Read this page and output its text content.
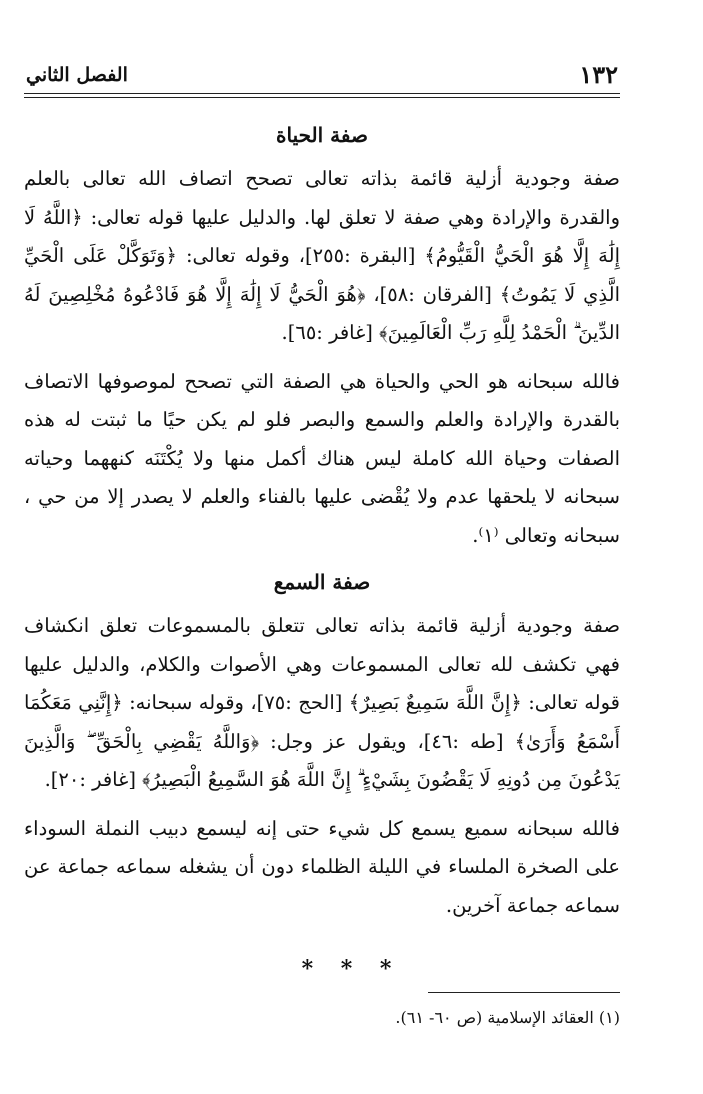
١٣٢
الفصل الثاني
صفة الحياة

صفة وجودية أزلية قائمة بذاته تعالى تصحح اتصاف الله تعالى بالعلم والقدرة والإرادة وهي صفة لا تعلق لها. والدليل عليها قوله تعالى: ﴿اللَّهُ لَا إِلَٰهَ إِلَّا هُوَ الْحَيُّ الْقَيُّومُ﴾ [البقرة :٢٥٥]، وقوله تعالى: ﴿وَتَوَكَّلْ عَلَى الْحَيِّ الَّذِي لَا يَمُوتُ﴾ [الفرقان :٥٨]، ﴿هُوَ الْحَيُّ لَا إِلَٰهَ إِلَّا هُوَ فَادْعُوهُ مُخْلِصِينَ لَهُ الدِّينَ ۗ الْحَمْدُ لِلَّهِ رَبِّ الْعَالَمِينَ﴾ [غافر :٦٥].

فالله سبحانه هو الحي والحياة هي الصفة التي تصحح لموصوفها الاتصاف بالقدرة والإرادة والعلم والسمع والبصر فلو لم يكن حيًا ما ثبتت له هذه الصفات وحياة الله كاملة ليس هناك أكمل منها ولا يُكْتَنَه كنههما وحياته سبحانه لا يلحقها عدم ولا يُقْضى عليها بالفناء والعلم لا يصدر إلا من حي ، سبحانه وتعالى ⁽١⁾.

صفة السمع

صفة وجودية أزلية قائمة بذاته تعالى تتعلق بالمسموعات تعلق انكشاف فهي تكشف لله تعالى المسموعات وهي الأصوات والكلام، والدليل عليها قوله تعالى: ﴿إِنَّ اللَّهَ سَمِيعٌ بَصِيرٌ﴾ [الحج :٧٥]، وقوله سبحانه: ﴿إِنَّنِي مَعَكُمَا أَسْمَعُ وَأَرَىٰ﴾ [طه :٤٦]، ويقول عز وجل: ﴿وَاللَّهُ يَقْضِي بِالْحَقِّ ۖ وَالَّذِينَ يَدْعُونَ مِن دُونِهِ لَا يَقْضُونَ بِشَيْءٍ ۗ إِنَّ اللَّهَ هُوَ السَّمِيعُ الْبَصِيرُ﴾ [غافر :٢٠].

فالله سبحانه سميع يسمع كل شيء حتى إنه ليسمع دبيب النملة السوداء على الصخرة الملساء في الليلة الظلماء دون أن يشغله سماعه جماعة عن سماعه جماعة آخرين.

* * *
(١) العقائد الإسلامية (ص ٦٠- ٦١).
